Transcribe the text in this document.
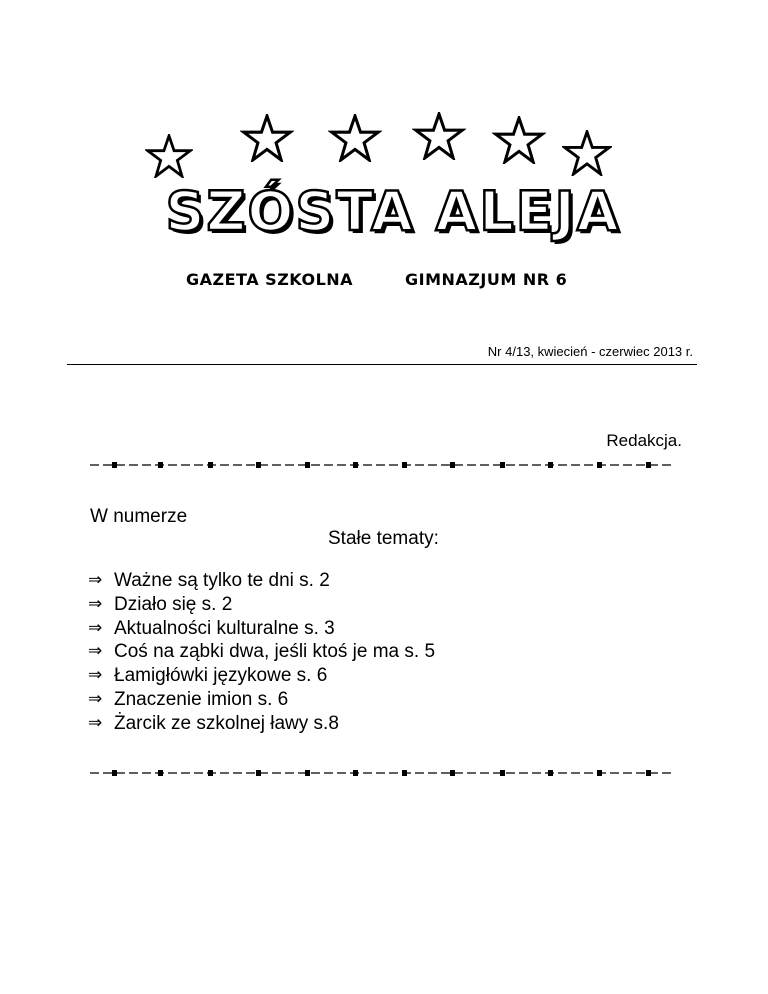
SZÓSTA ALEJA
GAZETA SZKOLNA	GIMNAZJUM NR 6
Nr 4/13, kwiecień - czerwiec 2013 r.
Redakcja.
W numerze
Stałe tematy:
⇒ Ważne są tylko te dni s. 2
⇒ Działo się s. 2
⇒ Aktualności kulturalne s. 3
⇒ Coś na ząbki dwa, jeśli ktoś je ma s. 5
⇒ Łamigłówki językowe s. 6
⇒ Znaczenie imion s. 6
⇒ Żarcik ze szkolnej ławy s.8
